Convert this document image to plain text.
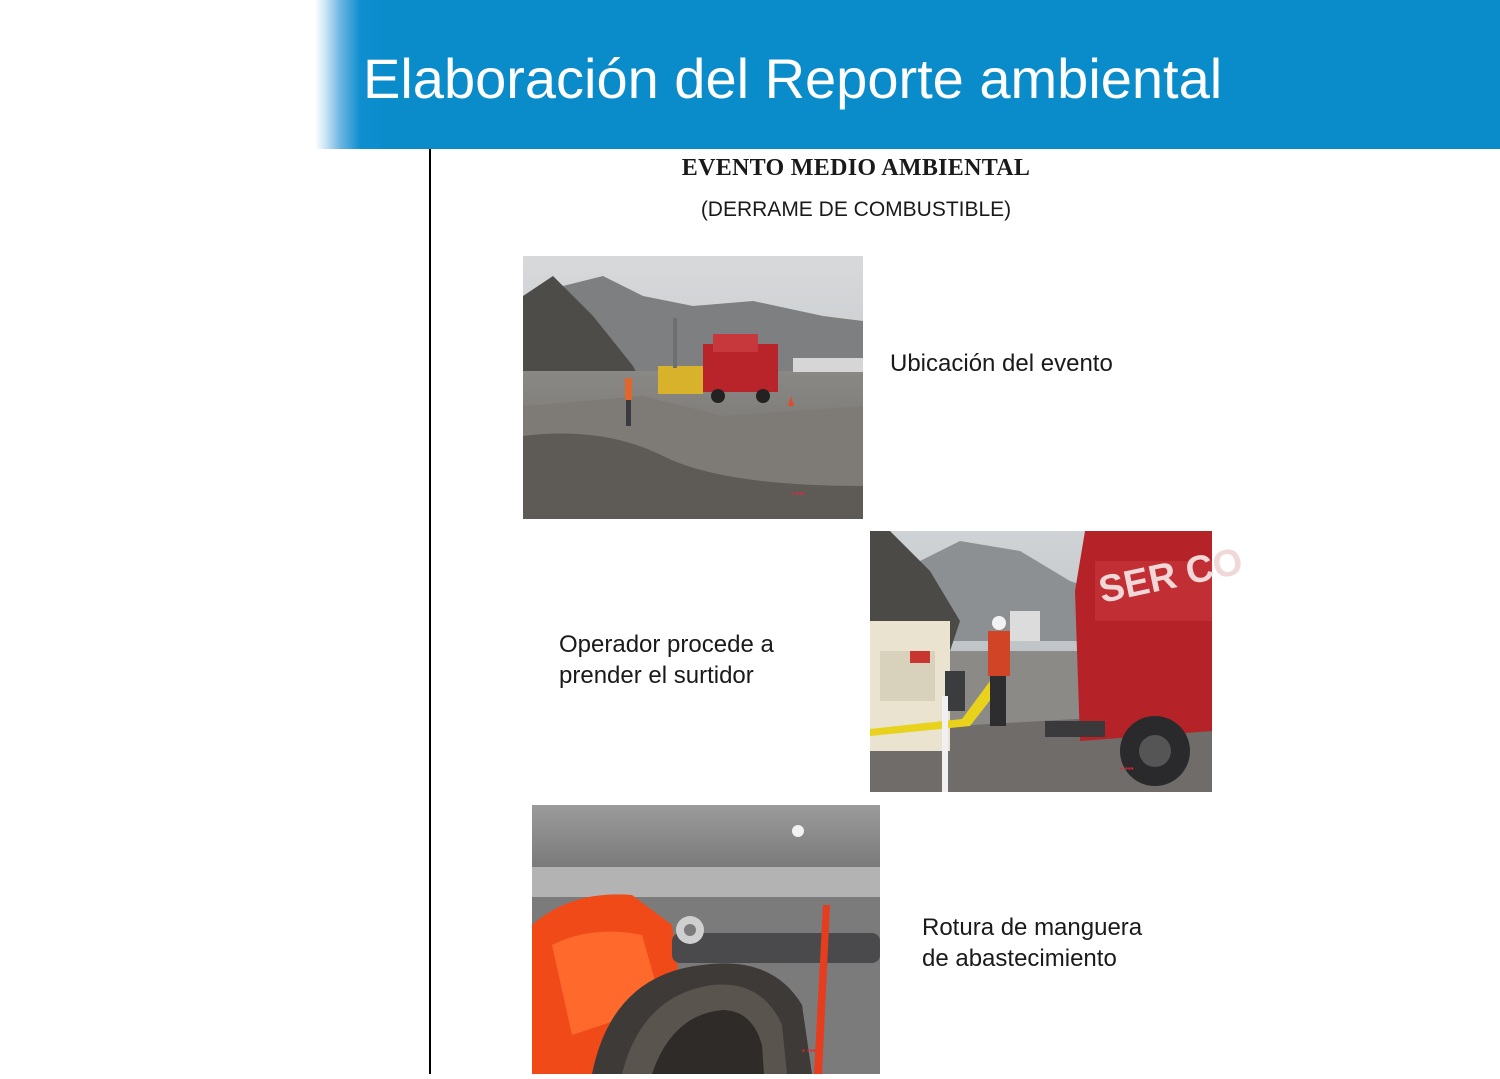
Elaboración del Reporte ambiental
EVENTO MEDIO AMBIENTAL
(DERRAME DE COMBUSTIBLE)
▪ ▪▪▪

Ubicación del evento

SER CO
▪ ▪▪▪

Operador procede a
prender el surtidor

▪ ▪▪▪

Rotura de manguera
de abastecimiento
